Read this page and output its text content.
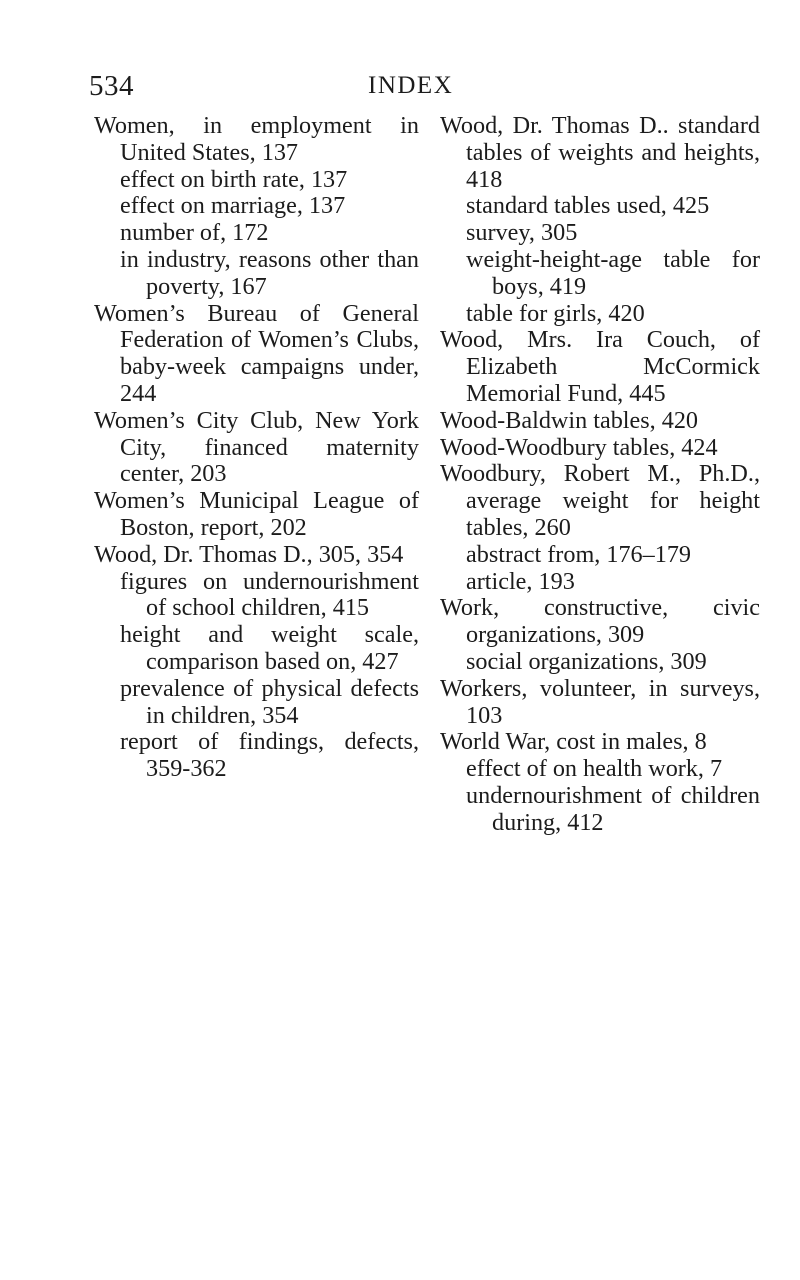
534	INDEX

Women, in employment in United States, 137

effect on birth rate, 137

effect on marriage, 137

number of, 172

in industry, reasons other than poverty, 167

Women’s Bureau of General Federation of Women’s Clubs, baby-week campaigns under, 244

Women’s City Club, New York City, financed maternity center, 203

Women’s Municipal League of Boston, report, 202

Wood, Dr. Thomas D., 305, 354

figures on undernourishment of school children, 415

height and weight scale, comparison based on, 427

prevalence of physical defects in children, 354

report of findings, defects, 359-362

Wood, Dr. Thomas D.. standard tables of weights and heights, 418

standard tables used, 425

survey, 305

weight-height-age table for boys, 419

table for girls, 420

Wood, Mrs. Ira Couch, of Elizabeth McCormick Memorial Fund, 445

Wood-Baldwin tables, 420

Wood-Woodbury tables, 424

Woodbury, Robert M., Ph.D., average weight for height tables, 260

abstract from, 176–179

article, 193

Work, constructive, civic organizations, 309

social organizations, 309

Workers, volunteer, in surveys, 103

World War, cost in males, 8

effect of on health work, 7

undernourishment of children during, 412
